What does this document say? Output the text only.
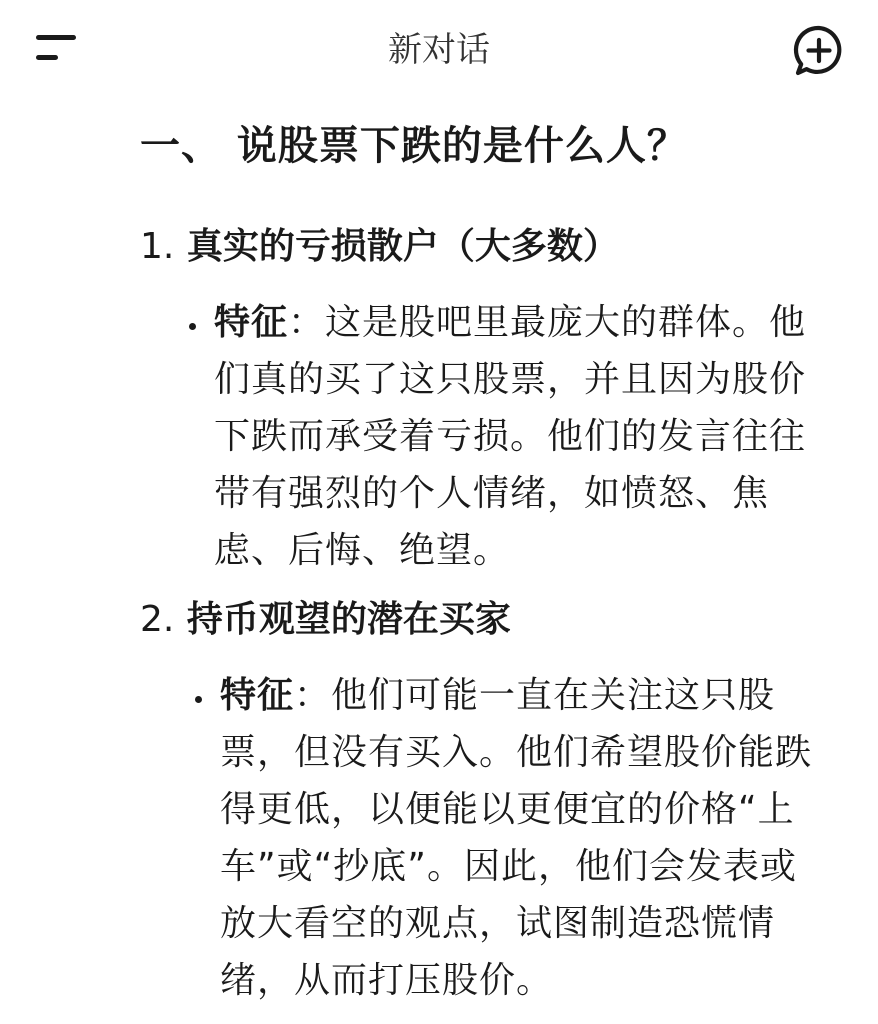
新对话
一、 说股票下跌的是什么人？
1. 真实的亏损散户（大多数）
特征：这是股吧里最庞大的群体。他们真的买了这只股票，并且因为股价下跌而承受着亏损。他们的发言往往带有强烈的个人情绪，如愤怒、焦虑、后悔、绝望。
2. 持币观望的潜在买家
特征：他们可能一直在关注这只股票，但没有买入。他们希望股价能跌得更低，以便能以更便宜的价格“上车”或“抄底”。因此，他们会发表或放大看空的观点，试图制造恐慌情绪，从而打压股价。
